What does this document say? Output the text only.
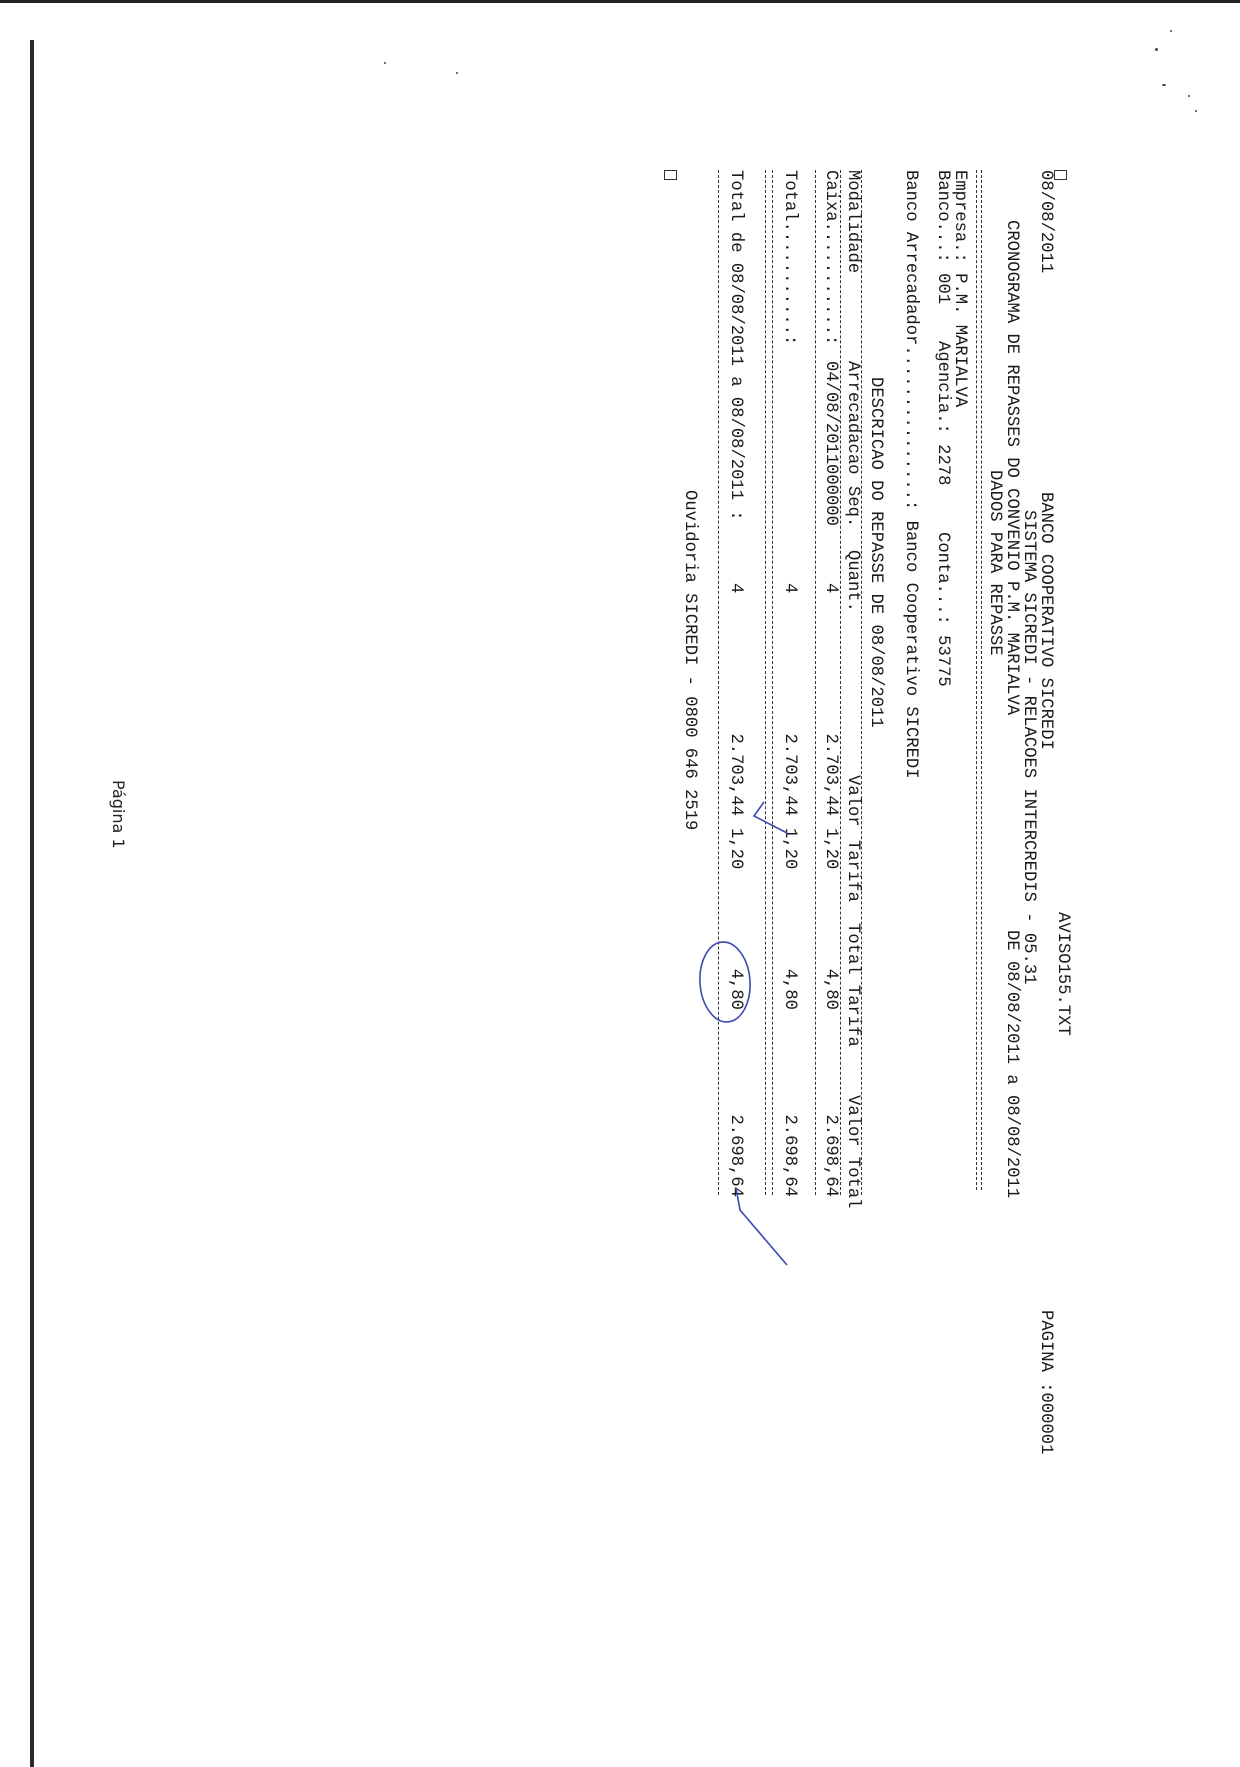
AVISO155.TXT
PAGINA :000001
08/08/2011
BANCO COOPERATIVO SICREDI
SISTEMA SICREDI - RELACOES INTERCREDIS - 05.31
CRONOGRAMA DE REPASSES DO CONVENIO P.M. MARIALVA
DE 08/08/2011 a 08/08/2011
DADOS PARA REPASSE
Empresa.: P.M. MARIALVA
Banco...: 001
Agencia.: 2278
Conta...: 53775
Banco Arrecadador...............: Banco Cooperativo SICREDI
DESCRICAO DO REPASSE DE 08/08/2011
Modalidade
Arrecadacao
Seq.
Quant.
Valor
Tarifa
Total Tarifa
Valor Total
Caixa...........:
04/08/2011
000000
4
2.703,44
1,20
4,80
2.698,64
Total...........:
4
2.703,44
1,20
4,80
2.698,64
Total de 08/08/2011 a 08/08/2011 :
4
2.703,44
1,20
4,80
2.698,64
Ouvidoria SICREDI - 0800 646 2519
Página 1
